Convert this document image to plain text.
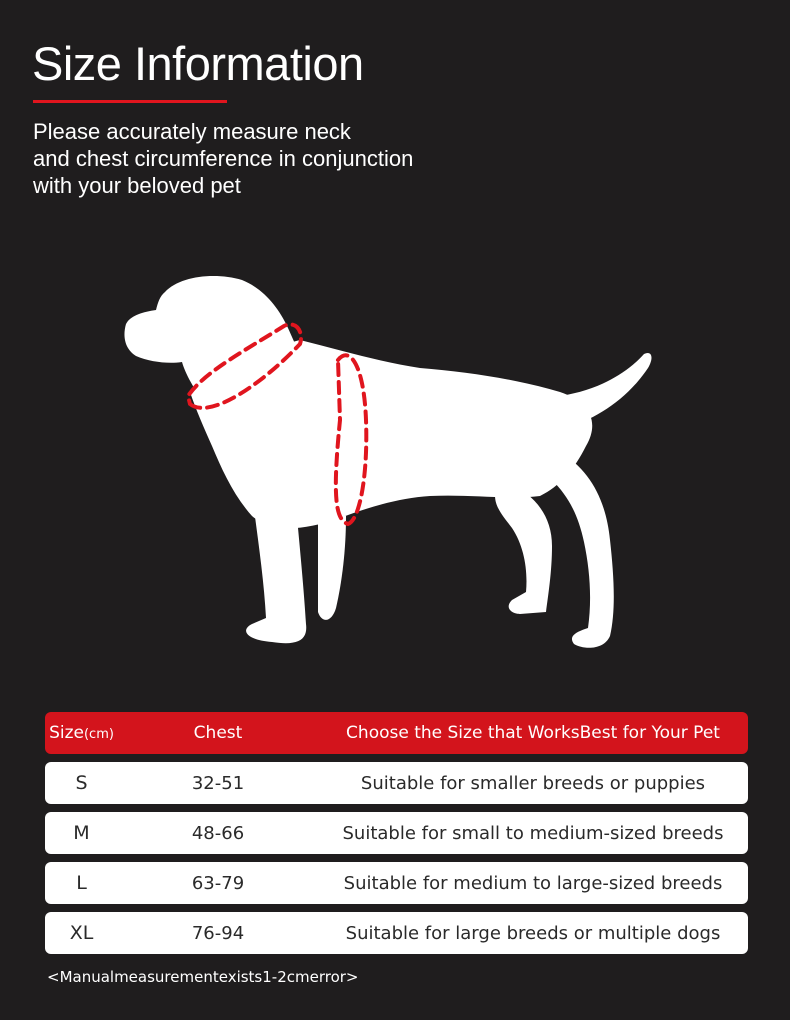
Size Information

Please accurately measure neck
and chest circumference in conjunction
with your beloved pet

Size(cm)	Chest	Choose the Size that WorksBest for Your Pet
S	32-51	Suitable for smaller breeds or puppies
M	48-66	Suitable for small to medium-sized breeds
L	63-79	Suitable for medium to large-sized breeds
XL	76-94	Suitable for large breeds or multiple dogs
<Manualmeasurementexists1-2cmerror>
